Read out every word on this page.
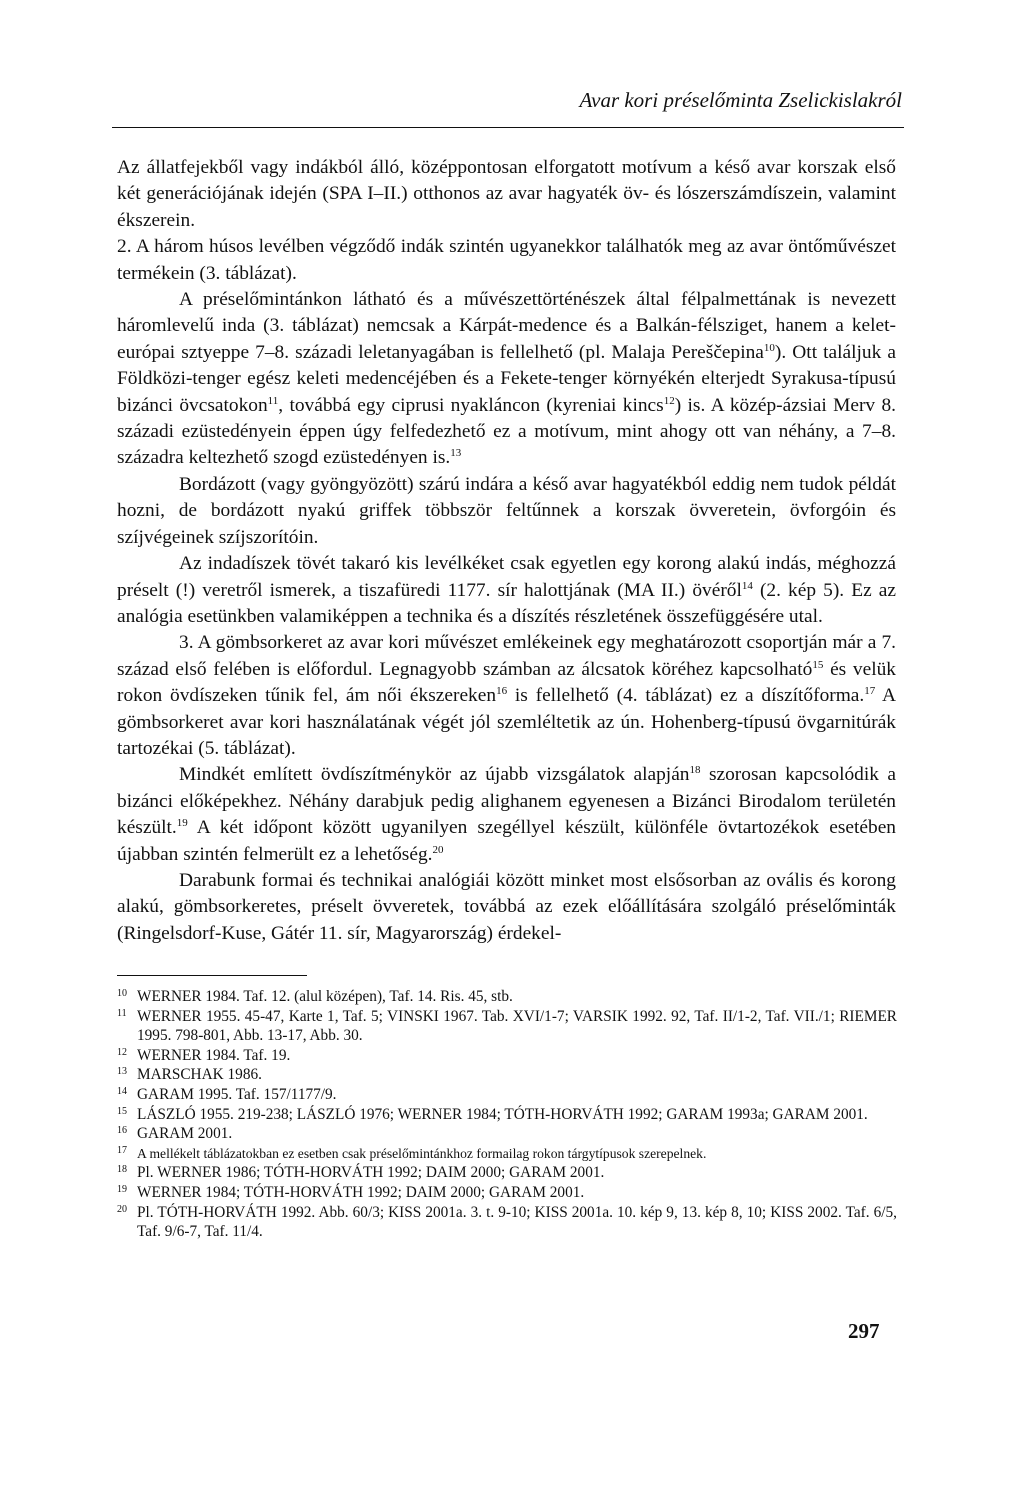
Avar kori préselőminta Zselickislakról

Az állatfejekből vagy indákból álló, középpontosan elforgatott motívum a késő avar korszak első két generációjának idején (SPA I–II.) otthonos az avar hagyaték öv- és lószerszámdíszein, valamint ékszerein.

2. A három húsos levélben végződő indák szintén ugyanekkor találhatók meg az avar öntőművészet termékein (3. táblázat).

A préselőmintánkon látható és a művészettörténészek által félpalmettának is nevezett háromlevelű inda (3. táblázat) nemcsak a Kárpát-medence és a Balkán-félsziget, hanem a kelet-európai sztyeppe 7–8. századi leletanyagában is fellelhető (pl. Malaja Pereščepina$^{10}$). Ott találjuk a Földközi-tenger egész keleti medencéjében és a Fekete-tenger környékén elterjedt Syrakusa-típusú bizánci övcsatokon$^{11}$, továbbá egy ciprusi nyakláncon (kyreniai kincs$^{12}$) is. A közép-ázsiai Merv 8. századi ezüstedényein éppen úgy felfedezhető ez a motívum, mint ahogy ott van néhány, a 7–8. századra keltezhető szogd ezüstedényen is.$^{13}$

Bordázott (vagy gyöngyözött) szárú indára a késő avar hagyatékból eddig nem tudok példát hozni, de bordázott nyakú griffek többször feltűnnek a korszak övveretein, övforgóin és szíjvégeinek szíjszorítóin.

Az indadíszek tövét takaró kis levélkéket csak egyetlen egy korong alakú indás, méghozzá préselt (!) veretről ismerek, a tiszafüredi 1177. sír halottjának (MA II.) övéről$^{14}$ (2. kép 5). Ez az analógia esetünkben valamiképpen a technika és a díszítés részletének összefüggésére utal.

3. A gömbsorkeret az avar kori művészet emlékeinek egy meghatározott csoportján már a 7. század első felében is előfordul. Legnagyobb számban az álcsatok köréhez kapcsolható$^{15}$ és velük rokon övdíszeken tűnik fel, ám női ékszereken$^{16}$ is fellelhető (4. táblázat) ez a díszítőforma.$^{17}$ A gömbsorkeret avar kori használatának végét jól szemléltetik az ún. Hohenberg-típusú övgarnitúrák tartozékai (5. táblázat).

Mindkét említett övdíszítménykör az újabb vizsgálatok alapján$^{18}$ szorosan kapcsolódik a bizánci előképekhez. Néhány darabjuk pedig alighanem egyenesen a Bizánci Birodalom területén készült.$^{19}$ A két időpont között ugyanilyen szegéllyel készült, különféle övtartozékok esetében újabban szintén felmerült ez a lehetőség.$^{20}$

Darabunk formai és technikai analógiái között minket most elsősorban az ovális és korong alakú, gömbsorkeretes, préselt övveretek, továbbá az ezek előállítására szolgáló préselőminták (Ringelsdorf-Kuse, Gátér 11. sír, Magyarország) érdekel-

10 WERNER 1984. Taf. 12. (alul középen), Taf. 14. Ris. 45, stb.
11 WERNER 1955. 45-47, Karte 1, Taf. 5; VINSKI 1967. Tab. XVI/1-7; VARSIK 1992. 92, Taf. II/1-2, Taf. VII./1; RIEMER 1995. 798-801, Abb. 13-17, Abb. 30.
12 WERNER 1984. Taf. 19.
13 MARSCHAK 1986.
14 GARAM 1995. Taf. 157/1177/9.
15 LÁSZLÓ 1955. 219-238; LÁSZLÓ 1976; WERNER 1984; TÓTH-HORVÁTH 1992; GARAM 1993a; GARAM 2001.
16 GARAM 2001.
17 A mellékelt táblázatokban ez esetben csak préselőmintánkhoz formailag rokon tárgytípusok szerepelnek.
18 Pl. WERNER 1986; TÓTH-HORVÁTH 1992; DAIM 2000; GARAM 2001.
19 WERNER 1984; TÓTH-HORVÁTH 1992; DAIM 2000; GARAM 2001.
20 Pl. TÓTH-HORVÁTH 1992. Abb. 60/3; KISS 2001a. 3. t. 9-10; KISS 2001a. 10. kép 9, 13. kép 8, 10; KISS 2002. Taf. 6/5, Taf. 9/6-7, Taf. 11/4.
297
